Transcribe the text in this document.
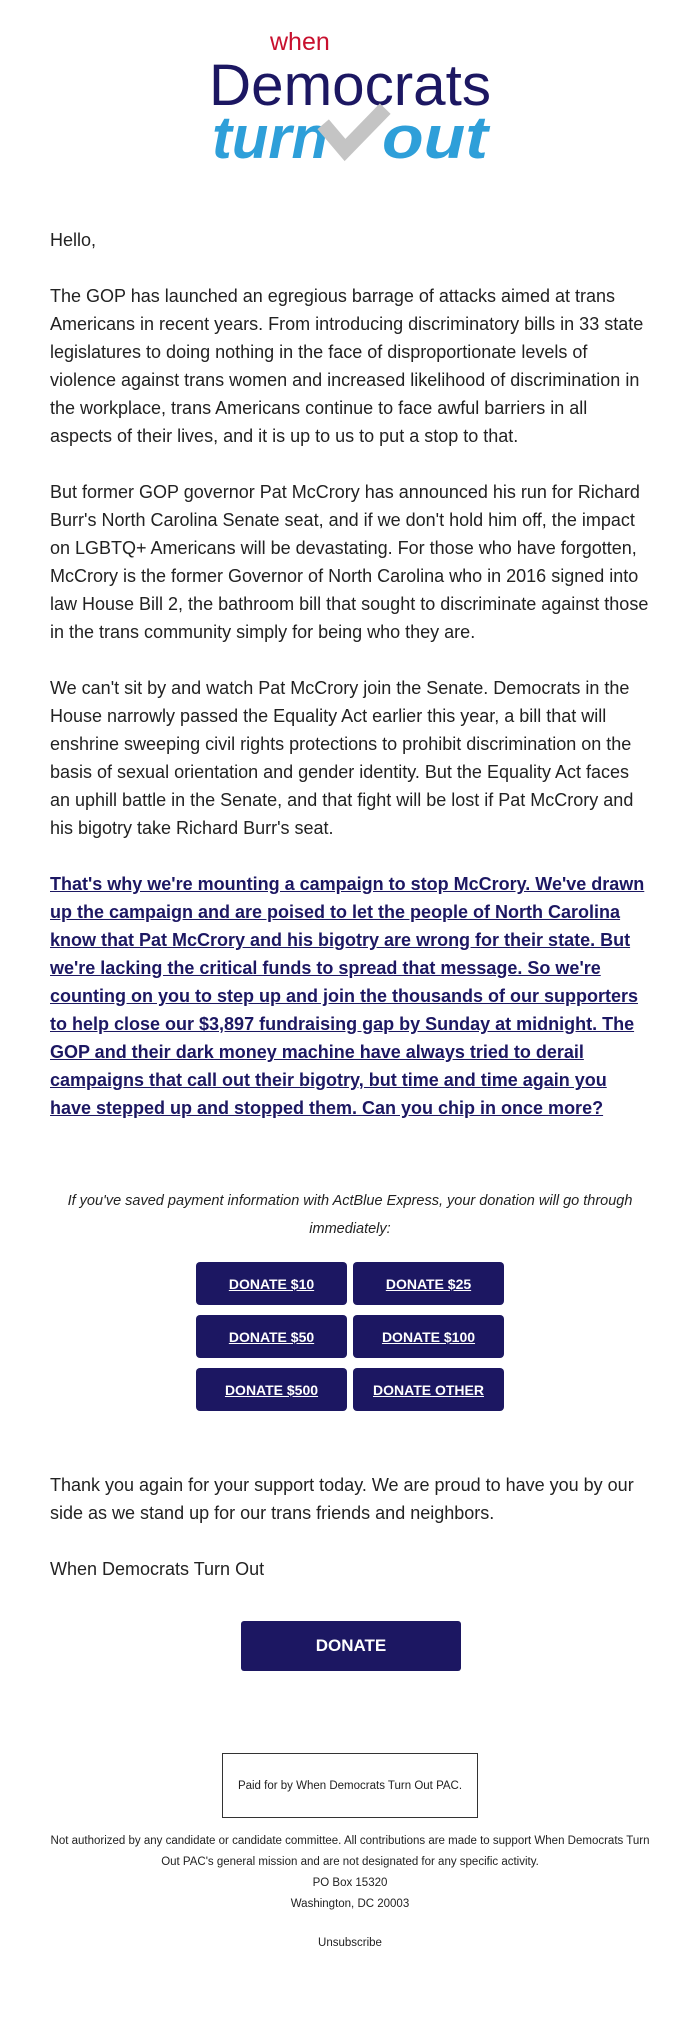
when
Democrats
turn out

Hello,

The GOP has launched an egregious barrage of attacks aimed at trans Americans in recent years. From introducing discriminatory bills in 33 state legislatures to doing nothing in the face of disproportionate levels of violence against trans women and increased likelihood of discrimination in the workplace, trans Americans continue to face awful barriers in all aspects of their lives, and it is up to us to put a stop to that.

But former GOP governor Pat McCrory has announced his run for Richard Burr's North Carolina Senate seat, and if we don't hold him off, the impact on LGBTQ+ Americans will be devastating. For those who have forgotten, McCrory is the former Governor of North Carolina who in 2016 signed into law House Bill 2, the bathroom bill that sought to discriminate against those in the trans community simply for being who they are.

We can't sit by and watch Pat McCrory join the Senate. Democrats in the House narrowly passed the Equality Act earlier this year, a bill that will enshrine sweeping civil rights protections to prohibit discrimination on the basis of sexual orientation and gender identity. But the Equality Act faces an uphill battle in the Senate, and that fight will be lost if Pat McCrory and his bigotry take Richard Burr's seat.

That's why we're mounting a campaign to stop McCrory. We've drawn up the campaign and are poised to let the people of North Carolina know that Pat McCrory and his bigotry are wrong for their state. But we're lacking the critical funds to spread that message. So we're counting on you to step up and join the thousands of our supporters to help close our $3,897 fundraising gap by Sunday at midnight. The GOP and their dark money machine have always tried to derail campaigns that call out their bigotry, but time and time again you have stepped up and stopped them. Can you chip in once more?
If you've saved payment information with ActBlue Express, your donation will go through immediately:
DONATE $10	DONATE $25
DONATE $50	DONATE $100
DONATE $500	DONATE OTHER

Thank you again for your support today. We are proud to have you by our side as we stand up for our trans friends and neighbors.

When Democrats Turn Out

DONATE
Paid for by When Democrats Turn Out PAC.
Not authorized by any candidate or candidate committee. All contributions are made to support When Democrats Turn Out PAC's general mission and are not designated for any specific activity.
PO Box 15320
Washington, DC 20003
Unsubscribe
